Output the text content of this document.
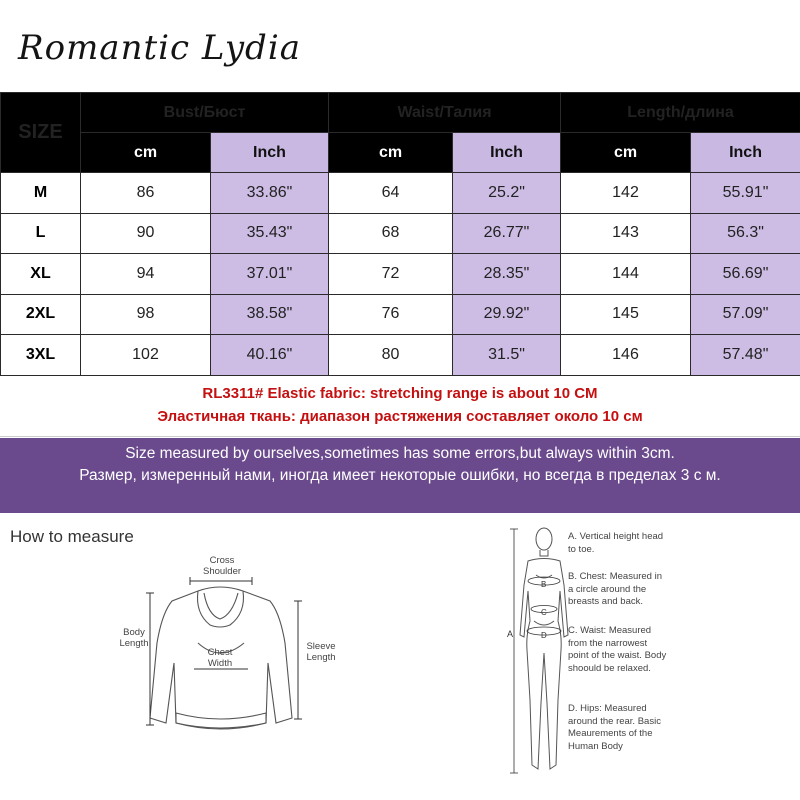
Romantic Lydia
SIZE	Bust/Бюст		Waist/Талия		Length/длина	
	cm	Inch	cm	Inch	cm	Inch
M	86	33.86"	64	25.2"	142	55.91"
L	90	35.43"	68	26.77"	143	56.3"
XL	94	37.01"	72	28.35"	144	56.69"
2XL	98	38.58"	76	29.92"	145	57.09"
3XL	102	40.16"	80	31.5"	146	57.48"
RL3311# Elastic fabric: stretching range is about 10 CM
Эластичная ткань: диапазон растяжения составляет около 10 см
Size measured by ourselves,sometimes has some errors,but always within 3cm.
Размер, измеренный нами, иногда имеет некоторые ошибки, но всегда в пределах 3 с м.
How to measure
Cross Shoulder
Body Length
Chest Width
Sleeve Length
A
B
C
D
A. Vertical height head to toe.
B. Chest: Measured in a circle around the breasts and back.
C. Waist: Measured from the narrowest point of the waist. Body shoould be relaxed.
D. Hips: Measured around the rear. Basic Meaurements of the Human Body
